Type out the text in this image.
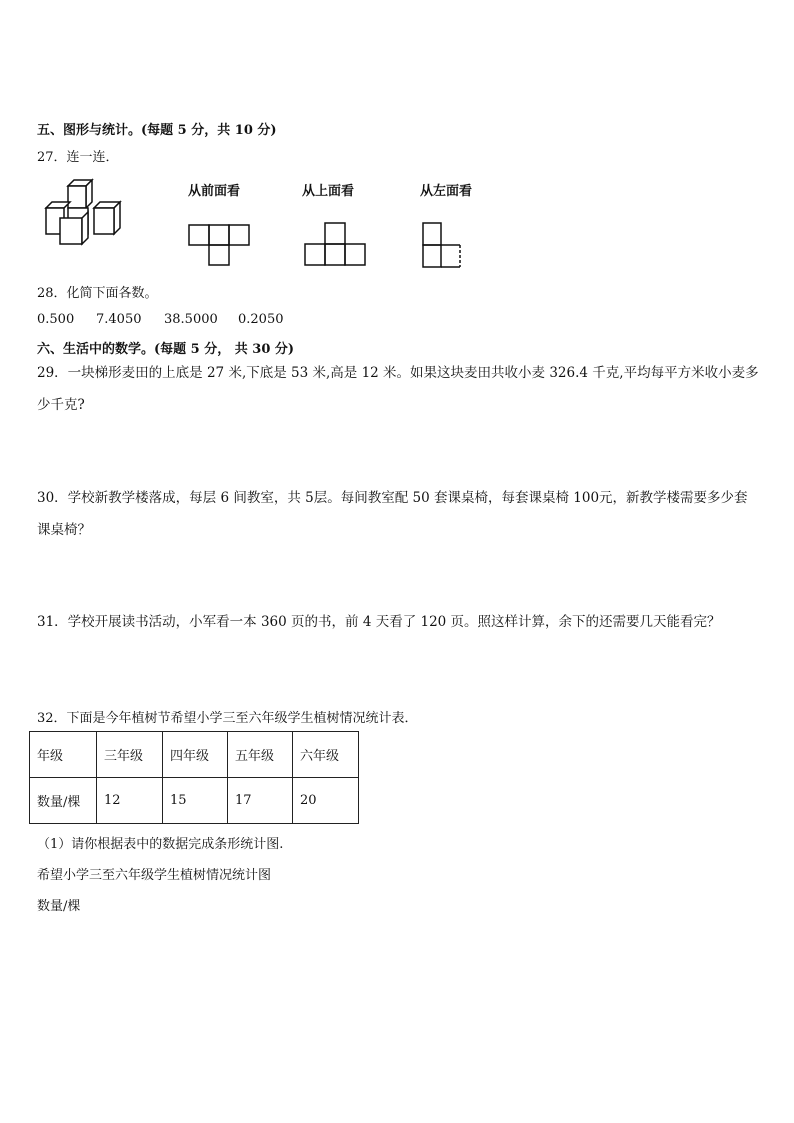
五、图形与统计。(每题 5 分，共 10 分)
27．连一连．
从前面看	从上面看	从左面看
28．化简下面各数。
0.500 7.4050 38.5000 0.2050
六、生活中的数学。(每题 5 分， 共 30 分)
29．一块梯形麦田的上底是 27 米,下底是 53 米,高是 12 米。如果这块麦田共收小麦 326.4 千克,平均每平方米收小麦多
少千克?
30．学校新教学楼落成，每层 6 间教室，共 5层。每间教室配 50 套课桌椅，每套课桌椅 100元，新教学楼需要多少套
课桌椅？
31．学校开展读书活动，小军看一本 360 页的书，前 4 天看了 120 页。照这样计算，余下的还需要几天能看完？
32．下面是今年植树节希望小学三至六年级学生植树情况统计表．
年级	三年级	四年级	五年级	六年级
数量/棵	12	15	17	20
（1）请你根据表中的数据完成条形统计图.
希望小学三至六年级学生植树情况统计图
数量/棵
